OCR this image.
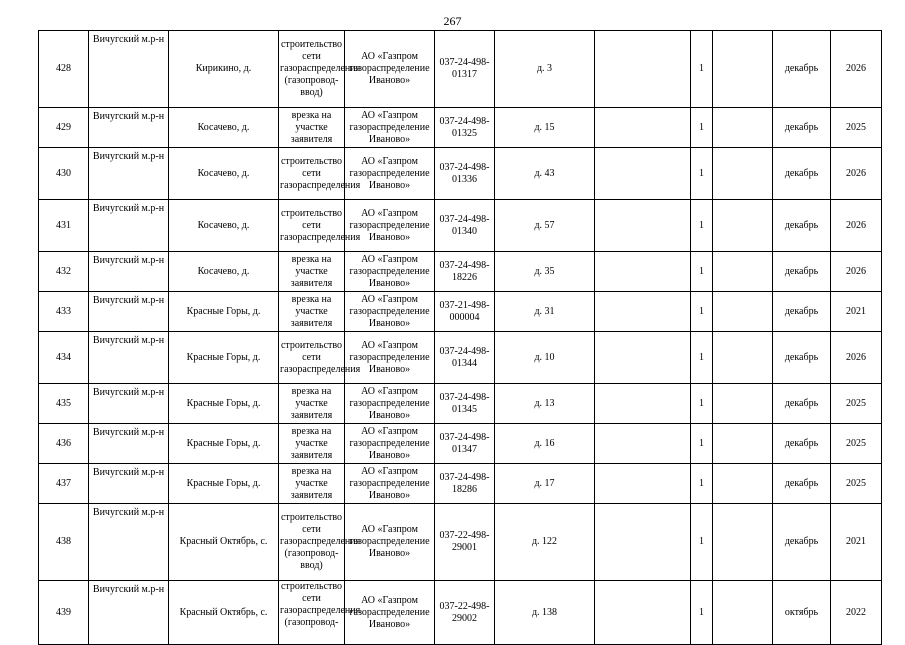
267
428	Вичугский м.р-н	Кирикино, д.	строительство сети газораспределения (газопровод-ввод)	АО «Газпром газораспределение Иваново»	037-24-498-01317	д. 3		1		декабрь	2026
429	Вичугский м.р-н	Косачево, д.	врезка на участке заявителя	АО «Газпром газораспределение Иваново»	037-24-498-01325	д. 15		1		декабрь	2025
430	Вичугский м.р-н	Косачево, д.	строительство сети газораспределения	АО «Газпром газораспределение Иваново»	037-24-498-01336	д. 43		1		декабрь	2026
431	Вичугский м.р-н	Косачево, д.	строительство сети газораспределения	АО «Газпром газораспределение Иваново»	037-24-498-01340	д. 57		1		декабрь	2026
432	Вичугский м.р-н	Косачево, д.	врезка на участке заявителя	АО «Газпром газораспределение Иваново»	037-24-498-18226	д. 35		1		декабрь	2026
433	Вичугский м.р-н	Красные Горы, д.	врезка на участке заявителя	АО «Газпром газораспределение Иваново»	037-21-498-000004	д. 31		1		декабрь	2021
434	Вичугский м.р-н	Красные Горы, д.	строительство сети газораспределения	АО «Газпром газораспределение Иваново»	037-24-498-01344	д. 10		1		декабрь	2026
435	Вичугский м.р-н	Красные Горы, д.	врезка на участке заявителя	АО «Газпром газораспределение Иваново»	037-24-498-01345	д. 13		1		декабрь	2025
436	Вичугский м.р-н	Красные Горы, д.	врезка на участке заявителя	АО «Газпром газораспределение Иваново»	037-24-498-01347	д. 16		1		декабрь	2025
437	Вичугский м.р-н	Красные Горы, д.	врезка на участке заявителя	АО «Газпром газораспределение Иваново»	037-24-498-18286	д. 17		1		декабрь	2025
438	Вичугский м.р-н	Красный Октябрь, с.	строительство сети газораспределения (газопровод-ввод)	АО «Газпром газораспределение Иваново»	037-22-498-29001	д. 122		1		декабрь	2021
439	Вичугский м.р-н	Красный Октябрь, с.	строительство сети газораспределения (газопровод-	АО «Газпром газораспределение Иваново»	037-22-498-29002	д. 138		1		октябрь	2022
